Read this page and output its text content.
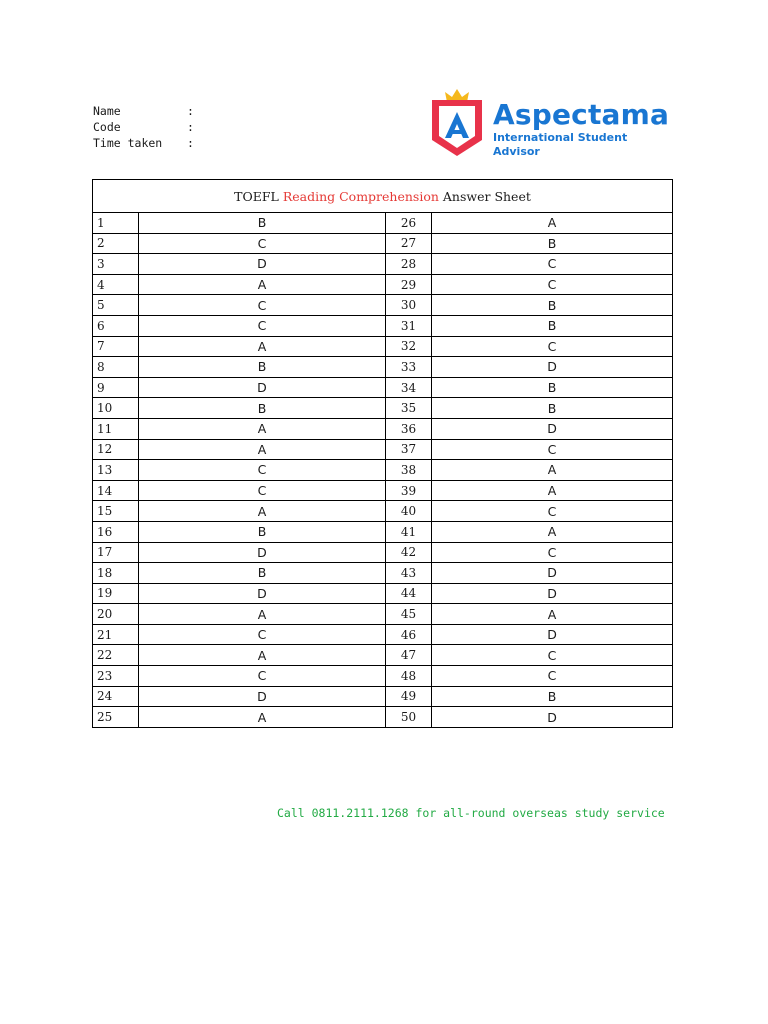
Name	:
Code	:
Time taken	:
Aspectama
International Student Advisor
TOEFL Reading Comprehension Answer Sheet			
1	B	26	A
2	C	27	B
3	D	28	C
4	A	29	C
5	C	30	B
6	C	31	B
7	A	32	C
8	B	33	D
9	D	34	B
10	B	35	B
11	A	36	D
12	A	37	C
13	C	38	A
14	C	39	A
15	A	40	C
16	B	41	A
17	D	42	C
18	B	43	D
19	D	44	D
20	A	45	A
21	C	46	D
22	A	47	C
23	C	48	C
24	D	49	B
25	A	50	D
Call 0811.2111.1268 for all-round overseas study service
